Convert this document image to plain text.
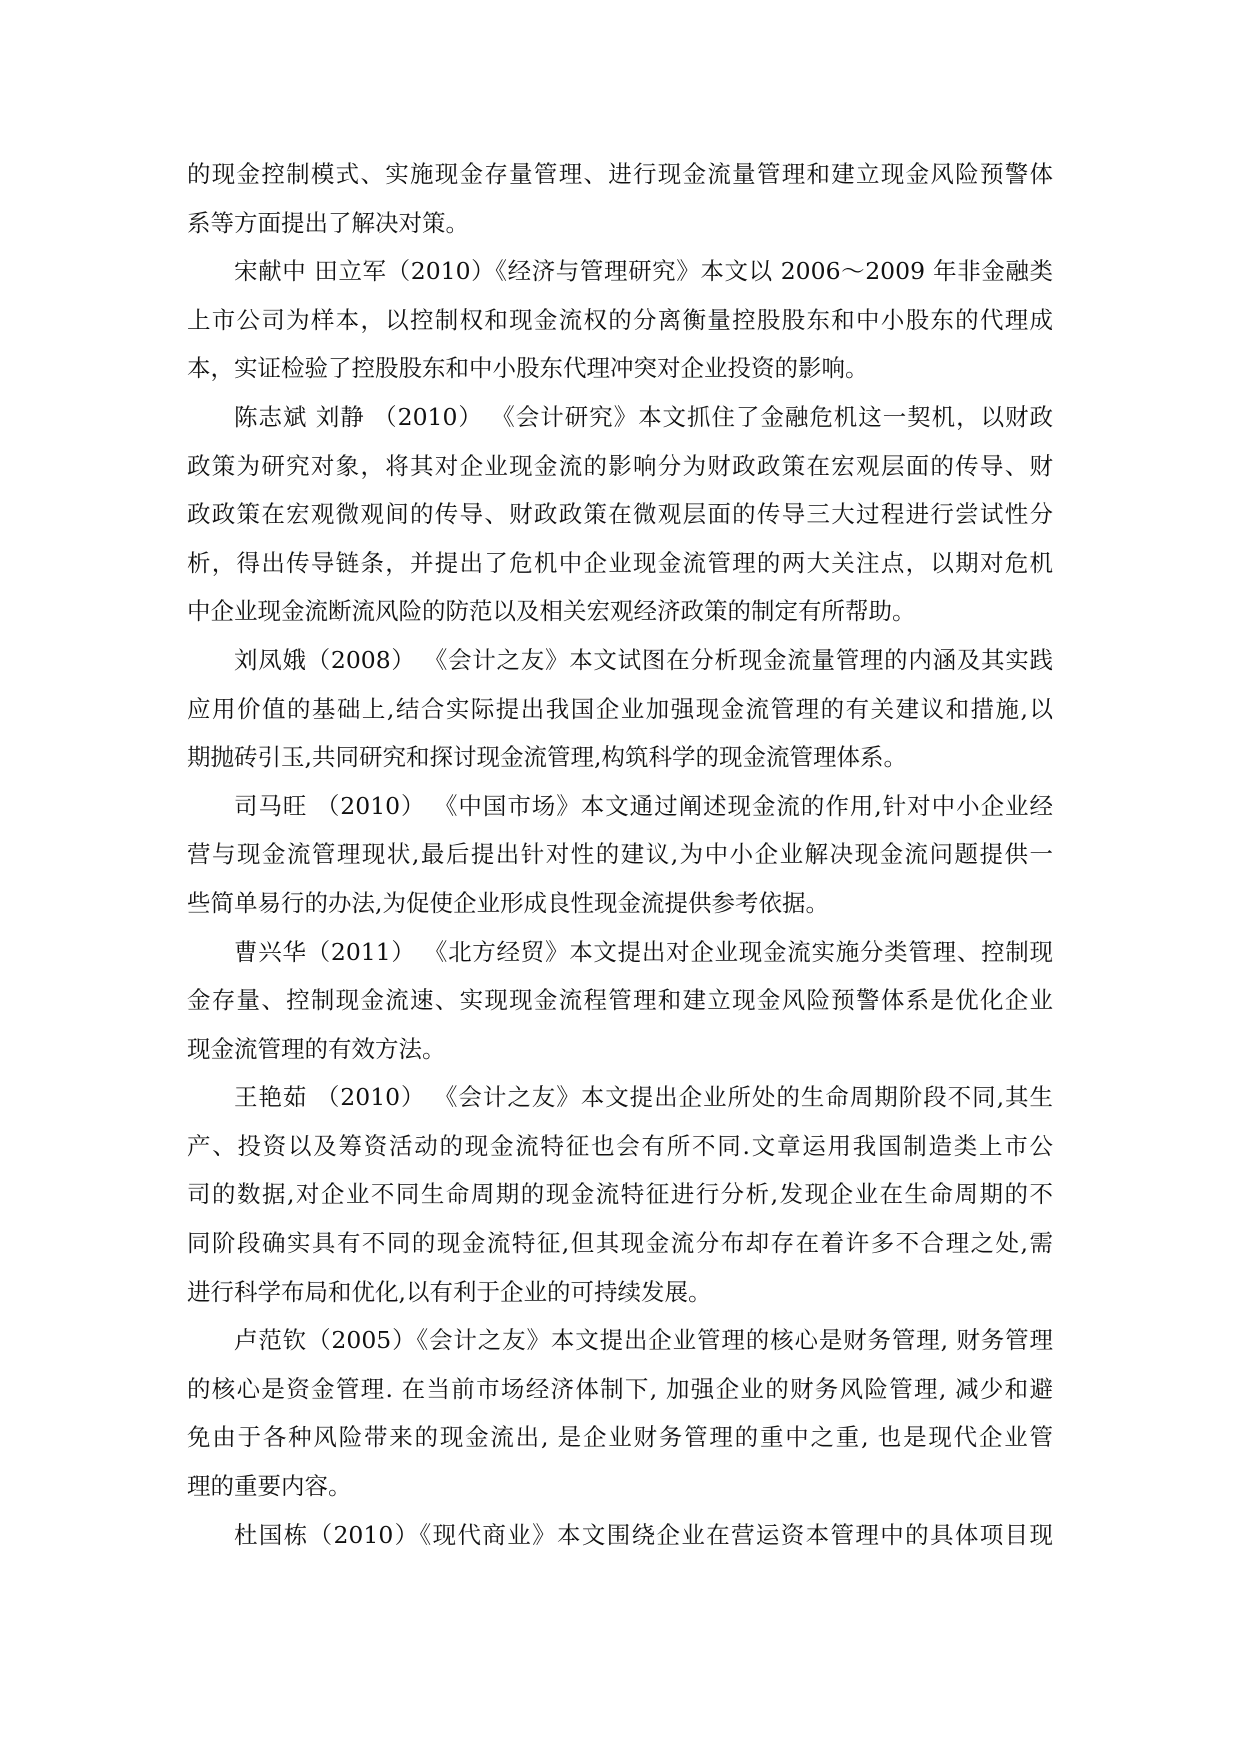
的现金控制模式、实施现金存量管理、进行现金流量管理和建立现金风险预警体
系等方面提出了解决对策。
宋献中 田立军（2010）《经济与管理研究》本文以 2006～2009 年非金融类
上市公司为样本，以控制权和现金流权的分离衡量控股股东和中小股东的代理成
本，实证检验了控股股东和中小股东代理冲突对企业投资的影响。
陈志斌 刘静 （2010） 《会计研究》本文抓住了金融危机这一契机，以财政
政策为研究对象，将其对企业现金流的影响分为财政政策在宏观层面的传导、财
政政策在宏观微观间的传导、财政政策在微观层面的传导三大过程进行尝试性分
析，得出传导链条，并提出了危机中企业现金流管理的两大关注点，以期对危机
中企业现金流断流风险的防范以及相关宏观经济政策的制定有所帮助。
刘凤娥（2008） 《会计之友》本文试图在分析现金流量管理的内涵及其实践
应用价值的基础上,结合实际提出我国企业加强现金流管理的有关建议和措施,以
期抛砖引玉,共同研究和探讨现金流管理,构筑科学的现金流管理体系。
司马旺 （2010） 《中国市场》本文通过阐述现金流的作用,针对中小企业经
营与现金流管理现状,最后提出针对性的建议,为中小企业解决现金流问题提供一
些简单易行的办法,为促使企业形成良性现金流提供参考依据。
曹兴华（2011） 《北方经贸》本文提出对企业现金流实施分类管理、控制现
金存量、控制现金流速、实现现金流程管理和建立现金风险预警体系是优化企业
现金流管理的有效方法。
王艳茹 （2010） 《会计之友》本文提出企业所处的生命周期阶段不同,其生
产、投资以及筹资活动的现金流特征也会有所不同.文章运用我国制造类上市公
司的数据,对企业不同生命周期的现金流特征进行分析,发现企业在生命周期的不
同阶段确实具有不同的现金流特征,但其现金流分布却存在着许多不合理之处,需
进行科学布局和优化,以有利于企业的可持续发展。
卢范钦（2005）《会计之友》本文提出企业管理的核心是财务管理, 财务管理
的核心是资金管理. 在当前市场经济体制下, 加强企业的财务风险管理, 减少和避
免由于各种风险带来的现金流出, 是企业财务管理的重中之重, 也是现代企业管
理的重要内容。
杜国栋（2010）《现代商业》本文围绕企业在营运资本管理中的具体项目现
